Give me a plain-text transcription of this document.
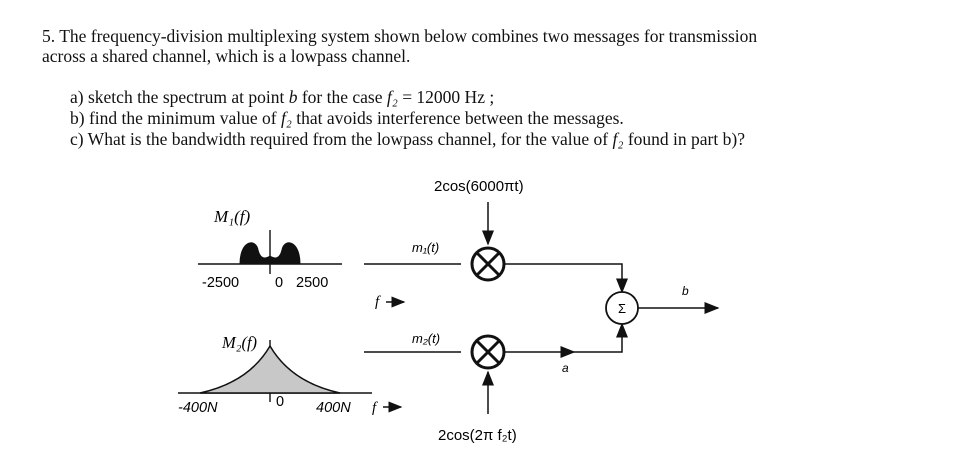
5. The frequency-division multiplexing system shown below combines two messages for transmission
across a shared channel, which is a lowpass channel.
a) sketch the spectrum at point b for the case f₂ = 12000 Hz ;
b) find the minimum value of f₂ that avoids interference between the messages.
c) What is the bandwidth required from the lowpass channel, for the value of f₂ found in part b)?
M₁(f)
-2500 0 2500
f
M₂(f)
-400N	0 400N f
2cos(6000πt)
m₁(t)
m₂(t)
2cos(2π f₂t)
a
Σ
b
